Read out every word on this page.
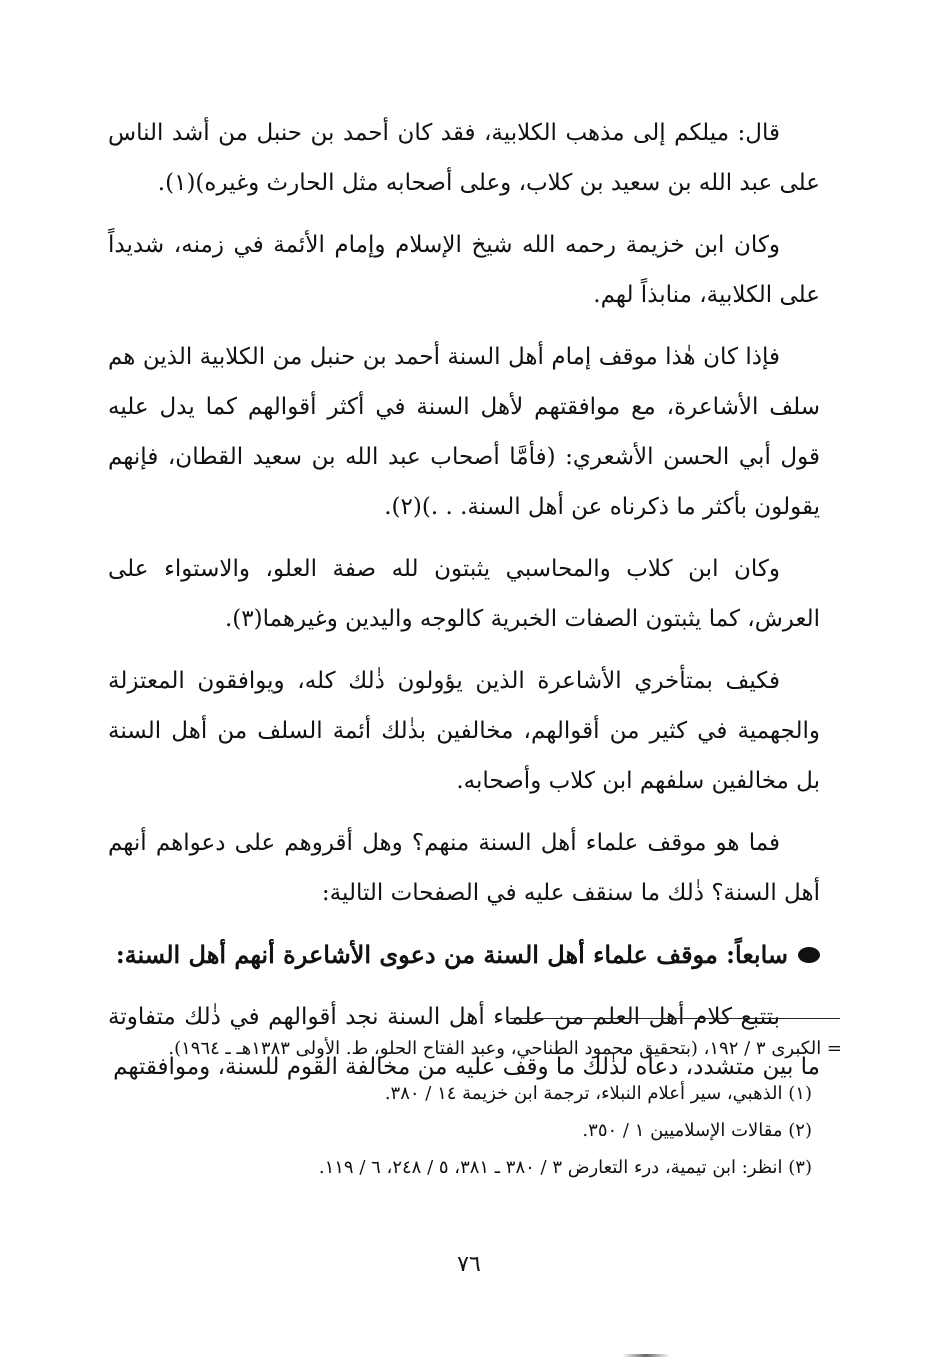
قال: ميلكم إلى مذهب الكلابية، فقد كان أحمد بن حنبل من أشد الناس على عبد الله بن سعيد بن كلاب، وعلى أصحابه مثل الحارث وغيره)(١).

وكان ابن خزيمة رحمه الله شيخ الإسلام وإمام الأئمة في زمنه، شديداً على الكلابية، منابذاً لهم.

فإذا كان هٰذا موقف إمام أهل السنة أحمد بن حنبل من الكلابية الذين هم سلف الأشاعرة، مع موافقتهم لأهل السنة في أكثر أقوالهم كما يدل عليه قول أبي الحسن الأشعري: (فأمَّا أصحاب عبد الله بن سعيد القطان، فإنهم يقولون بأكثر ما ذكرناه عن أهل السنة. . .)(٢).

وكان ابن كلاب والمحاسبي يثبتون لله صفة العلو، والاستواء على العرش، كما يثبتون الصفات الخبرية كالوجه واليدين وغيرهما(٣).

فكيف بمتأخري الأشاعرة الذين يؤولون ذٰلك كله، ويوافقون المعتزلة والجهمية في كثير من أقوالهم، مخالفين بذٰلك أئمة السلف من أهل السنة بل مخالفين سلفهم ابن كلاب وأصحابه.

فما هو موقف علماء أهل السنة منهم؟ وهل أقروهم على دعواهم أنهم أهل السنة؟ ذٰلك ما سنقف عليه في الصفحات التالية:

سابعاً: موقف علماء أهل السنة من دعوى الأشاعرة أنهم أهل السنة:

بتتبع كلام أهل العلم من علماء أهل السنة نجد أقوالهم في ذٰلك متفاوتة ما بين متشدد، دعاه لذٰلك ما وقف عليه من مخالفة القوم للسنة، وموافقتهم

= الكبرى ٣ / ١٩٢، (بتحقيق محمود الطناحي، وعبد الفتاح الحلو، ط. الأولى ١٣٨٣هـ ـ ١٩٦٤).

(١) الذهبي، سير أعلام النبلاء، ترجمة ابن خزيمة ١٤ / ٣٨٠.

(٢) مقالات الإسلاميين ١ / ٣٥٠.

(٣) انظر: ابن تيمية، درء التعارض ٣ / ٣٨٠ ـ ٣٨١، ٥ / ٢٤٨، ٦ / ١١٩.

٧٦
